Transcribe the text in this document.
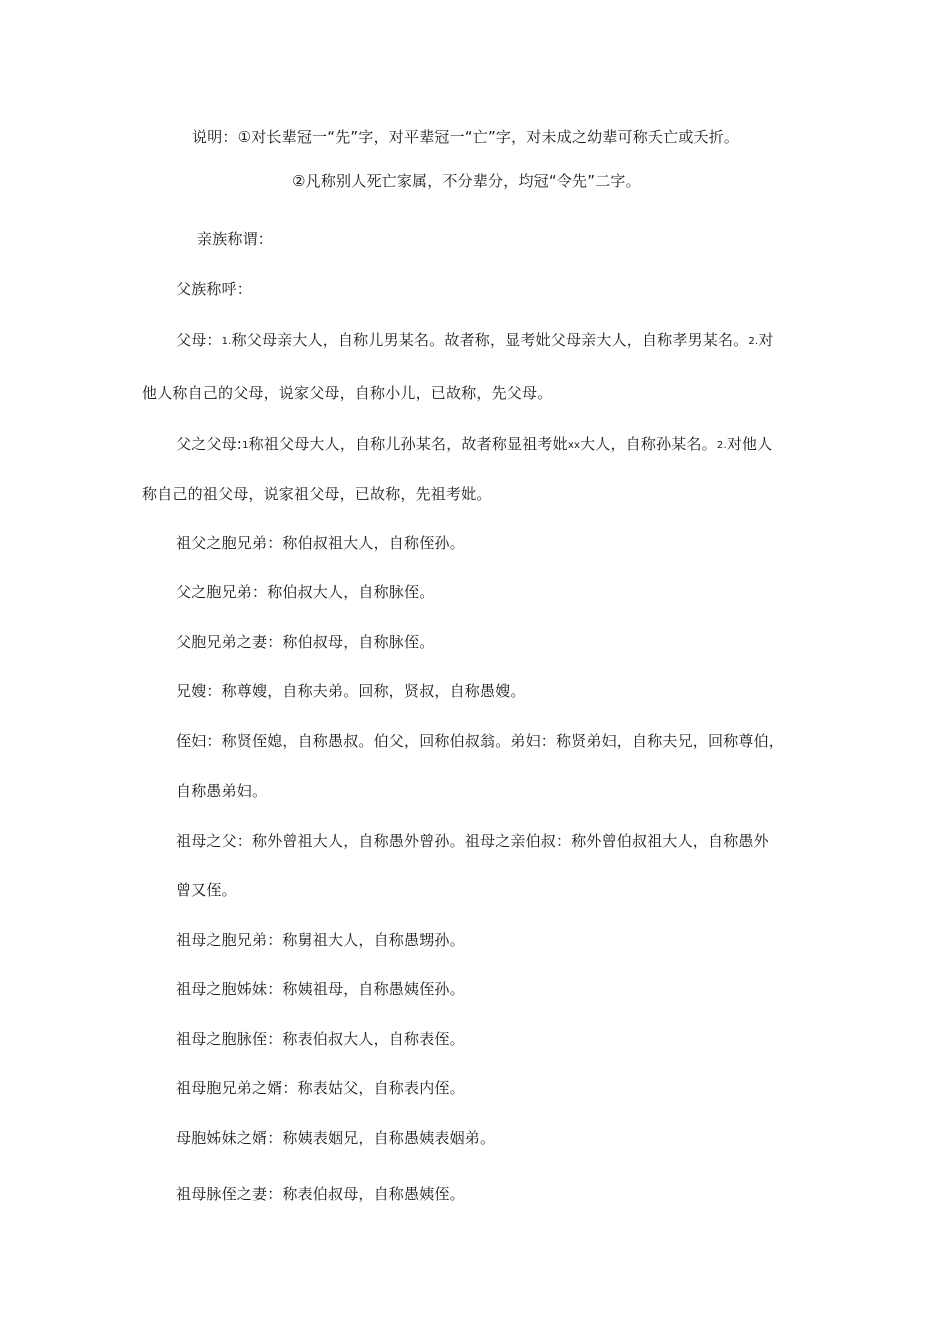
说明：①对长辈冠一“先”字，对平辈冠一“亡”字，对未成之幼辈可称夭亡或夭折。
②凡称别人死亡家属，不分辈分，均冠“令先”二字。
亲族称谓：
父族称呼：
父母：1.称父母亲大人，自称儿男某名。故者称，显考妣父母亲大人，自称孝男某名。2.对
他人称自己的父母，说家父母，自称小儿，已故称，先父母。
父之父母:1称祖父母大人，自称儿孙某名，故者称显祖考妣xx大人，自称孙某名。2.对他人
称自己的祖父母，说家祖父母，已故称，先祖考妣。
祖父之胞兄弟：称伯叔祖大人，自称侄孙。
父之胞兄弟：称伯叔大人，自称脉侄。
父胞兄弟之妻：称伯叔母，自称脉侄。
兄嫂：称尊嫂，自称夫弟。回称，贤叔，自称愚嫂。
侄妇：称贤侄媳，自称愚叔。伯父，回称伯叔翁。弟妇：称贤弟妇，自称夫兄，回称尊伯，
自称愚弟妇。
祖母之父：称外曾祖大人，自称愚外曾孙。祖母之亲伯叔：称外曾伯叔祖大人，自称愚外
曾又侄。
祖母之胞兄弟：称舅祖大人，自称愚甥孙。
祖母之胞姊妹：称姨祖母，自称愚姨侄孙。
祖母之胞脉侄：称表伯叔大人，自称表侄。
祖母胞兄弟之婿：称表姑父，自称表内侄。
母胞姊妹之婿：称姨表姻兄，自称愚姨表姻弟。
祖母脉侄之妻：称表伯叔母，自称愚姨侄。
